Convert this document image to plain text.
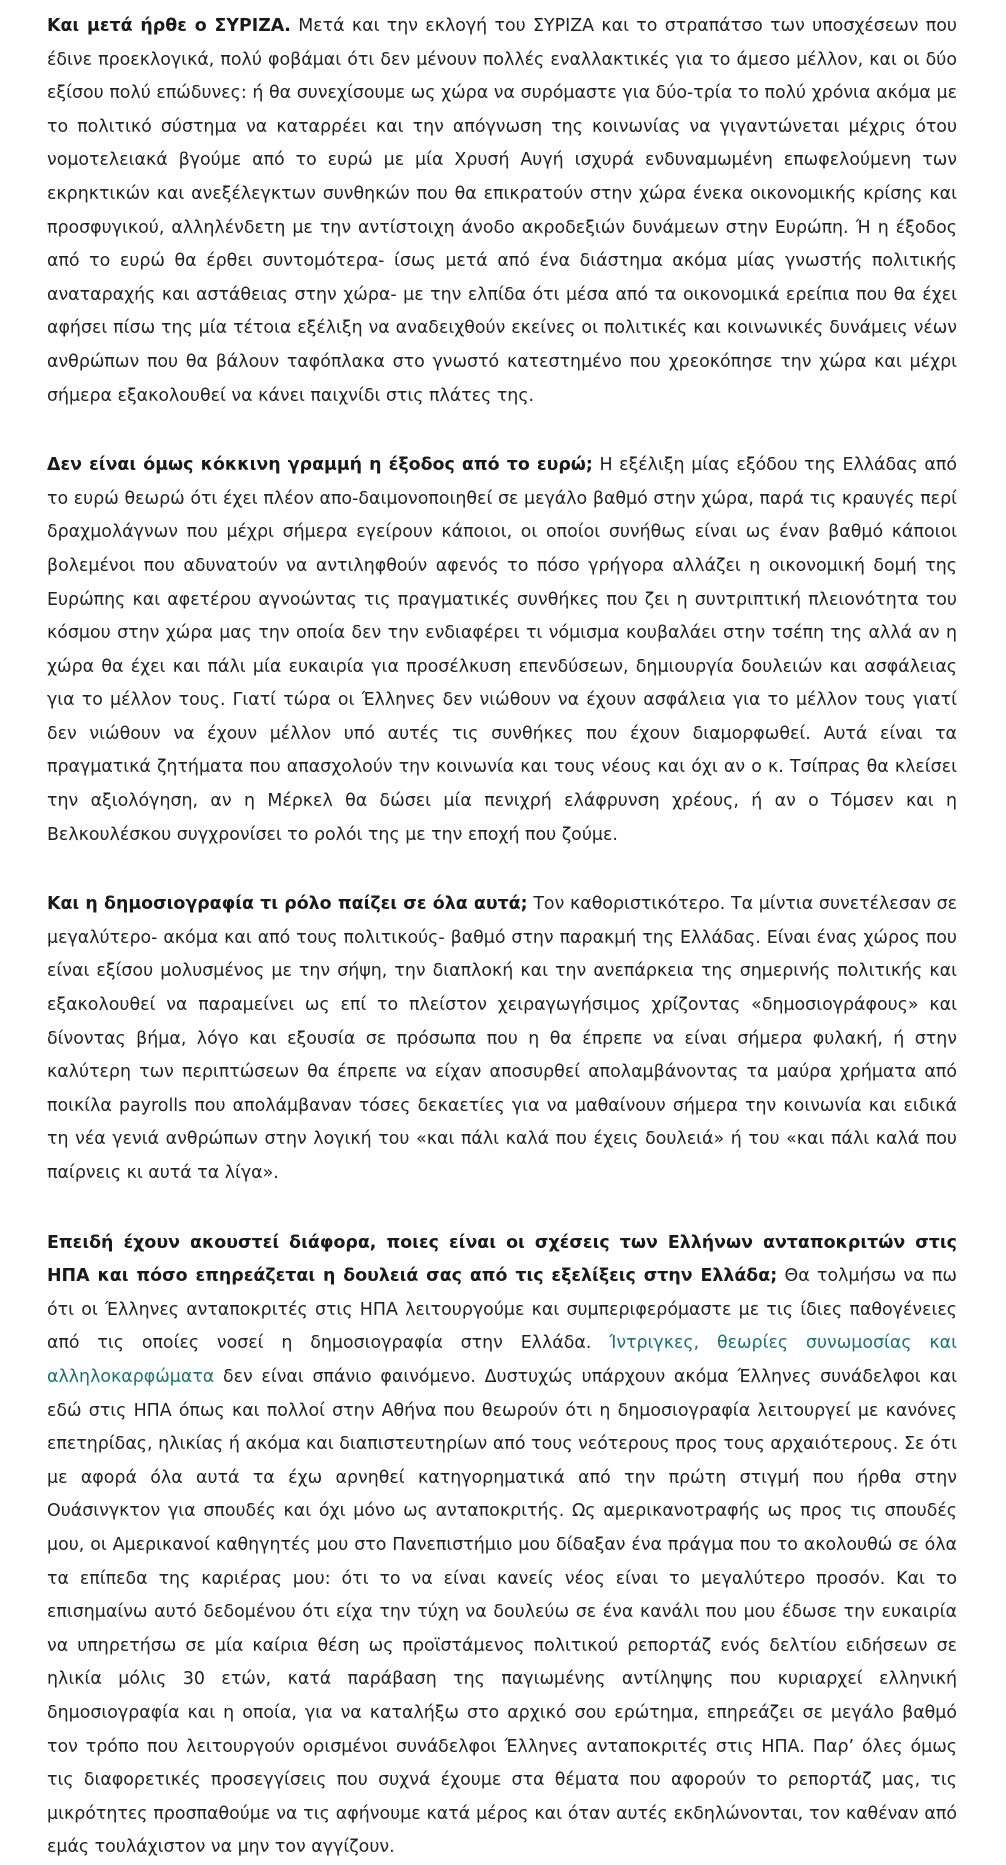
Και μετά ήρθε ο ΣΥΡΙΖΑ. Μετά και την εκλογή του ΣΥΡΙΖΑ και το στραπάτσο των υποσχέσεων που έδινε προεκλογικά, πολύ φοβάμαι ότι δεν μένουν πολλές εναλλακτικές για το άμεσο μέλλον, και οι δύο εξίσου πολύ επώδυνες: ή θα συνεχίσουμε ως χώρα να συρόμαστε για δύο-τρία το πολύ χρόνια ακόμα με το πολιτικό σύστημα να καταρρέει και την απόγνωση της κοινωνίας να γιγαντώνεται μέχρις ότου νομοτελειακά βγούμε από το ευρώ με μία Χρυσή Αυγή ισχυρά ενδυναμωμένη επωφελούμενη των εκρηκτικών και ανεξέλεγκτων συνθηκών που θα επικρατούν στην χώρα ένεκα οικονομικής κρίσης και προσφυγικού, αλληλένδετη με την αντίστοιχη άνοδο ακροδεξιών δυνάμεων στην Ευρώπη. Ή η έξοδος από το ευρώ θα έρθει συντομότερα- ίσως μετά από ένα διάστημα ακόμα μίας γνωστής πολιτικής αναταραχής και αστάθειας στην χώρα- με την ελπίδα ότι μέσα από τα οικονομικά ερείπια που θα έχει αφήσει πίσω της μία τέτοια εξέλιξη να αναδειχθούν εκείνες οι πολιτικές και κοινωνικές δυνάμεις νέων ανθρώπων που θα βάλουν ταφόπλακα στο γνωστό κατεστημένο που χρεοκόπησε την χώρα και μέχρι σήμερα εξακολουθεί να κάνει παιχνίδι στις πλάτες της.

Δεν είναι όμως κόκκινη γραμμή η έξοδος από το ευρώ; Η εξέλιξη μίας εξόδου της Ελλάδας από το ευρώ θεωρώ ότι έχει πλέον απο-δαιμονοποιηθεί σε μεγάλο βαθμό στην χώρα, παρά τις κραυγές περί δραχμολάγνων που μέχρι σήμερα εγείρουν κάποιοι, οι οποίοι συνήθως είναι ως έναν βαθμό κάποιοι βολεμένοι που αδυνατούν να αντιληφθούν αφενός το πόσο γρήγορα αλλάζει η οικονομική δομή της Ευρώπης και αφετέρου αγνοώντας τις πραγματικές συνθήκες που ζει η συντριπτική πλειονότητα του κόσμου στην χώρα μας την οποία δεν την ενδιαφέρει τι νόμισμα κουβαλάει στην τσέπη της αλλά αν η χώρα θα έχει και πάλι μία ευκαιρία για προσέλκυση επενδύσεων, δημιουργία δουλειών και ασφάλειας για το μέλλον τους. Γιατί τώρα οι Έλληνες δεν νιώθουν να έχουν ασφάλεια για το μέλλον τους γιατί δεν νιώθουν να έχουν μέλλον υπό αυτές τις συνθήκες που έχουν διαμορφωθεί. Αυτά είναι τα πραγματικά ζητήματα που απασχολούν την κοινωνία και τους νέους και όχι αν ο κ. Τσίπρας θα κλείσει την αξιολόγηση, αν η Μέρκελ θα δώσει μία πενιχρή ελάφρυνση χρέους, ή αν ο Τόμσεν και η Βελκουλέσκου συγχρονίσει το ρολόι της με την εποχή που ζούμε.

Και η δημοσιογραφία τι ρόλο παίζει σε όλα αυτά; Τον καθοριστικότερο. Τα μίντια συνετέλεσαν σε μεγαλύτερο- ακόμα και από τους πολιτικούς- βαθμό στην παρακμή της Ελλάδας. Είναι ένας χώρος που είναι εξίσου μολυσμένος με την σήψη, την διαπλοκή και την ανεπάρκεια της σημερινής πολιτικής και εξακολουθεί να παραμείνει ως επί το πλείστον χειραγωγήσιμος χρίζοντας «δημοσιογράφους» και δίνοντας βήμα, λόγο και εξουσία σε πρόσωπα που η θα έπρεπε να είναι σήμερα φυλακή, ή στην καλύτερη των περιπτώσεων θα έπρεπε να είχαν αποσυρθεί απολαμβάνοντας τα μαύρα χρήματα από ποικίλα payrolls που απολάμβαναν τόσες δεκαετίες για να μαθαίνουν σήμερα την κοινωνία και ειδικά τη νέα γενιά ανθρώπων στην λογική του «και πάλι καλά που έχεις δουλειά» ή του «και πάλι καλά που παίρνεις κι αυτά τα λίγα».

Επειδή έχουν ακουστεί διάφορα, ποιες είναι οι σχέσεις των Ελλήνων ανταποκριτών στις ΗΠΑ και πόσο επηρεάζεται η δουλειά σας από τις εξελίξεις στην Ελλάδα; Θα τολμήσω να πω ότι οι Έλληνες ανταποκριτές στις ΗΠΑ λειτουργούμε και συμπεριφερόμαστε με τις ίδιες παθογένειες από τις οποίες νοσεί η δημοσιογραφία στην Ελλάδα. Ίντριγκες, θεωρίες συνωμοσίας και αλληλοκαρφώματα δεν είναι σπάνιο φαινόμενο. Δυστυχώς υπάρχουν ακόμα Έλληνες συνάδελφοι και εδώ στις ΗΠΑ όπως και πολλοί στην Αθήνα που θεωρούν ότι η δημοσιογραφία λειτουργεί με κανόνες επετηρίδας, ηλικίας ή ακόμα και διαπιστευτηρίων από τους νεότερους προς τους αρχαιότερους. Σε ότι με αφορά όλα αυτά τα έχω αρνηθεί κατηγορηματικά από την πρώτη στιγμή που ήρθα στην Ουάσινγκτον για σπουδές και όχι μόνο ως ανταποκριτής. Ως αμερικανοτραφής ως προς τις σπουδές μου, οι Αμερικανοί καθηγητές μου στο Πανεπιστήμιο μου δίδαξαν ένα πράγμα που το ακολουθώ σε όλα τα επίπεδα της καριέρας μου: ότι το να είναι κανείς νέος είναι το μεγαλύτερο προσόν. Και το επισημαίνω αυτό δεδομένου ότι είχα την τύχη να δουλεύω σε ένα κανάλι που μου έδωσε την ευκαιρία να υπηρετήσω σε μία καίρια θέση ως προϊστάμενος πολιτικού ρεπορτάζ ενός δελτίου ειδήσεων σε ηλικία μόλις 30 ετών, κατά παράβαση της παγιωμένης αντίληψης που κυριαρχεί ελληνική δημοσιογραφία και η οποία, για να καταλήξω στο αρχικό σου ερώτημα, επηρεάζει σε μεγάλο βαθμό τον τρόπο που λειτουργούν ορισμένοι συνάδελφοι Έλληνες ανταποκριτές στις ΗΠΑ. Παρ’ όλες όμως τις διαφορετικές προσεγγίσεις που συχνά έχουμε στα θέματα που αφορούν το ρεπορτάζ μας, τις μικρότητες προσπαθούμε να τις αφήνουμε κατά μέρος και όταν αυτές εκδηλώνονται, τον καθέναν από εμάς τουλάχιστον να μην τον αγγίζουν.
